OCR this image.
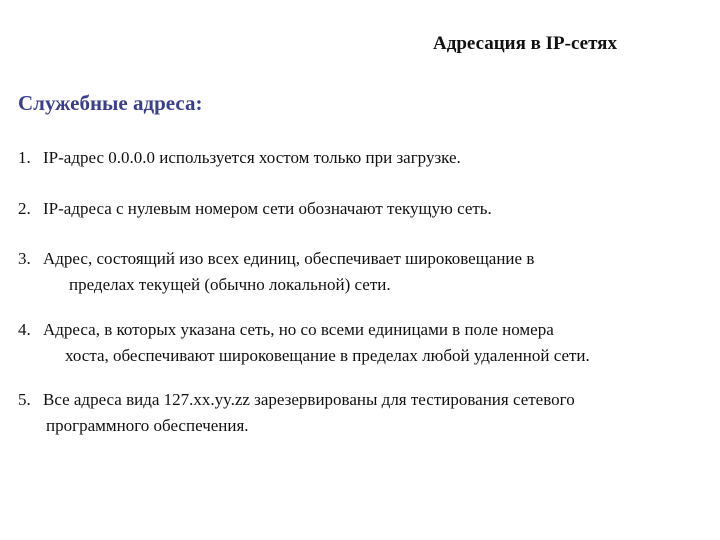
Адресация в IP-сетях
Служебные адреса:
1. IP-адрес 0.0.0.0 используется хостом только при загрузке.
2. IP-адреса с нулевым номером сети обозначают текущую сеть.
3. Адрес, состоящий изо всех единиц, обеспечивает широковещание в
пределах текущей (обычно локальной) сети.
4. Адреса, в которых указана сеть, но со всеми единицами в поле номера
хоста, обеспечивают широковещание в пределах любой удаленной сети.
5. Все адреса вида 127.xx.yy.zz зарезервированы для тестирования сетевого
программного обеспечения.
